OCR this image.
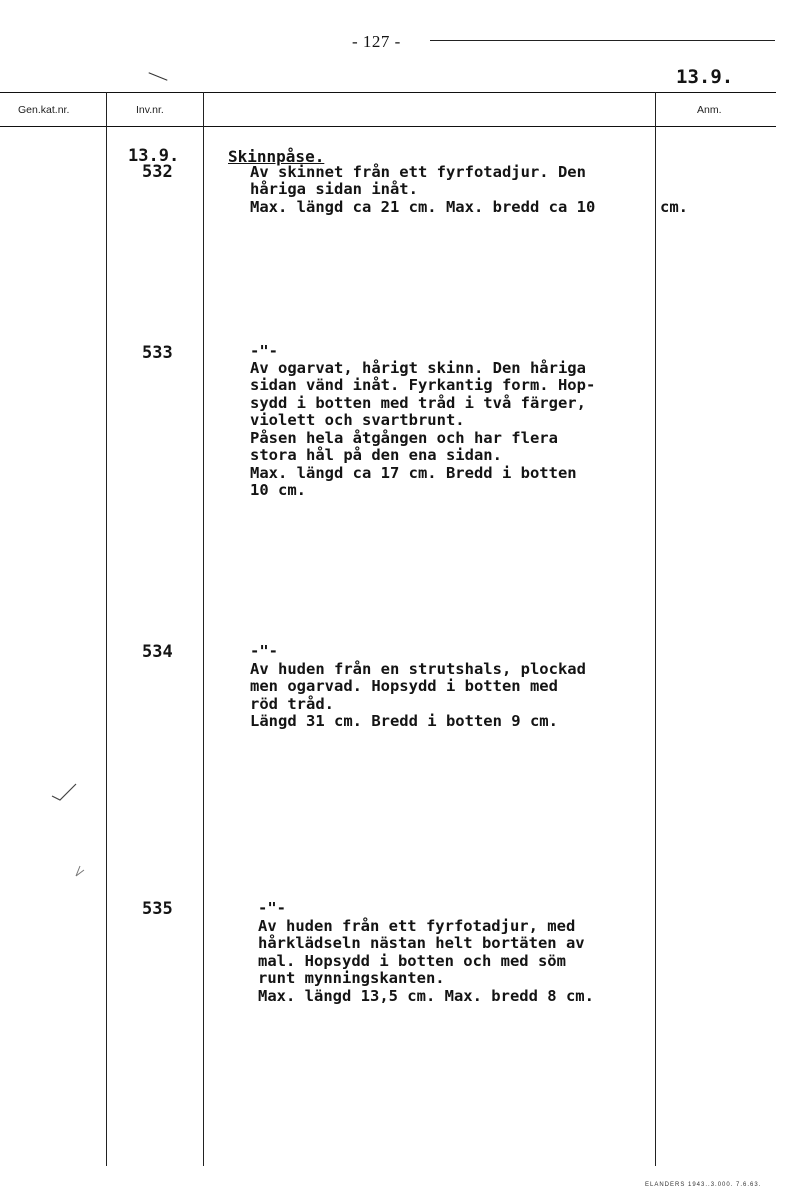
- 127 -
13.9.
Gen.kat.nr.	Inv.nr.	Anm.
13.9.
532
Skinnpåse.
Av skinnet från ett fyrfotadjur. Den
håriga sidan inåt.
Max. längd ca 21 cm. Max. bredd ca 10	cm.
533	-"-
Av ogarvat, hårigt skinn. Den håriga
sidan vänd inåt. Fyrkantig form. Hop-
sydd i botten med tråd i två färger,
violett och svartbrunt.
Påsen hela åtgången och har flera
stora hål på den ena sidan.
Max. längd ca 17 cm. Bredd i botten
10 cm.
534	-"-
Av huden från en strutshals, plockad
men ogarvad. Hopsydd i botten med
röd tråd.
Längd 31 cm. Bredd i botten 9 cm.
535	-"-
Av huden från ett fyrfotadjur, med
hårklädseln nästan helt bortäten av
mal. Hopsydd i botten och med söm
runt mynningskanten.
Max. längd 13,5 cm. Max. bredd 8 cm.
ELANDERS 1943..3.000. 7.6.63.
